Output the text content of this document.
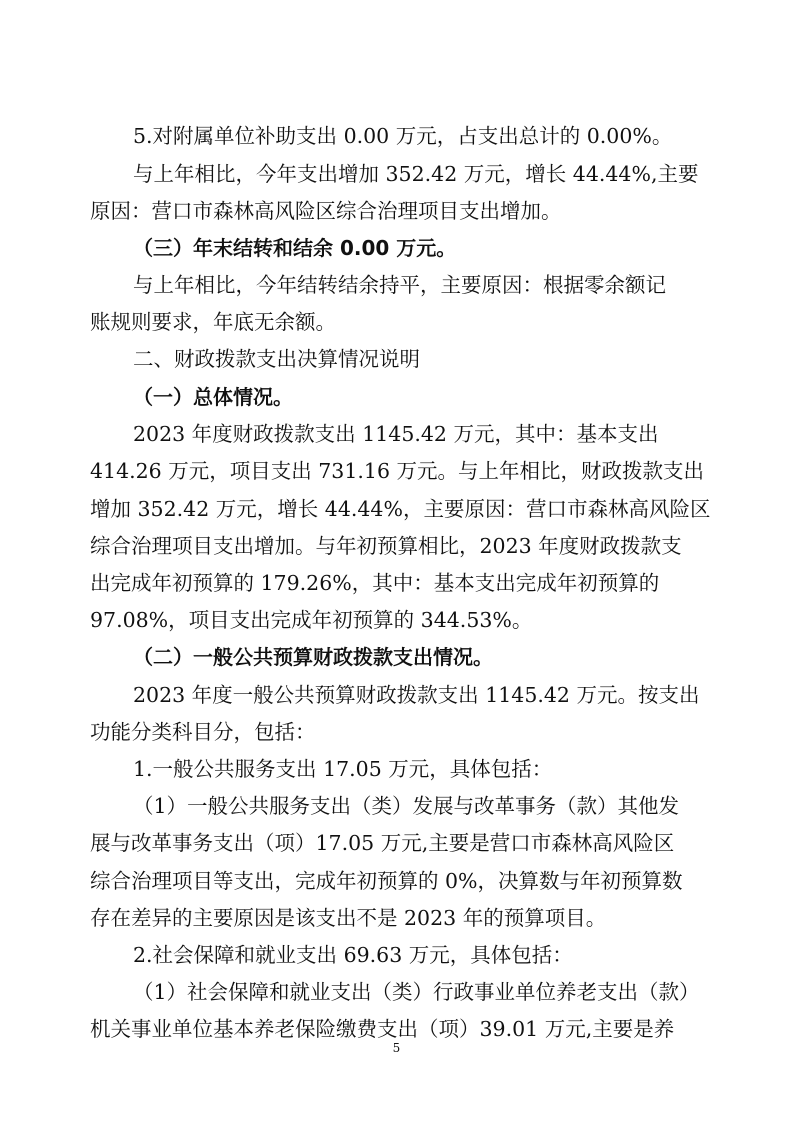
5.对附属单位补助支出 0.00 万元，占支出总计的 0.00%。
与上年相比，今年支出增加 352.42 万元，增长 44.44%,主要
原因：营口市森林高风险区综合治理项目支出增加。
（三）年末结转和结余 0.00 万元。
与上年相比，今年结转结余持平，主要原因：根据零余额记
账规则要求，年底无余额。
二、财政拨款支出决算情况说明
（一）总体情况。
2023 年度财政拨款支出 1145.42 万元，其中：基本支出
414.26 万元，项目支出 731.16 万元。与上年相比，财政拨款支出
增加 352.42 万元，增长 44.44%，主要原因：营口市森林高风险区
综合治理项目支出增加。与年初预算相比，2023 年度财政拨款支
出完成年初预算的 179.26%，其中：基本支出完成年初预算的
97.08%，项目支出完成年初预算的 344.53%。
（二）一般公共预算财政拨款支出情况。
2023 年度一般公共预算财政拨款支出 1145.42 万元。按支出
功能分类科目分，包括：
1.一般公共服务支出 17.05 万元，具体包括：
（1）一般公共服务支出（类）发展与改革事务（款）其他发
展与改革事务支出（项）17.05 万元,主要是营口市森林高风险区
综合治理项目等支出，完成年初预算的 0%，决算数与年初预算数
存在差异的主要原因是该支出不是 2023 年的预算项目。
2.社会保障和就业支出 69.63 万元，具体包括：
（1）社会保障和就业支出（类）行政事业单位养老支出（款）
机关事业单位基本养老保险缴费支出（项）39.01 万元,主要是养
5
